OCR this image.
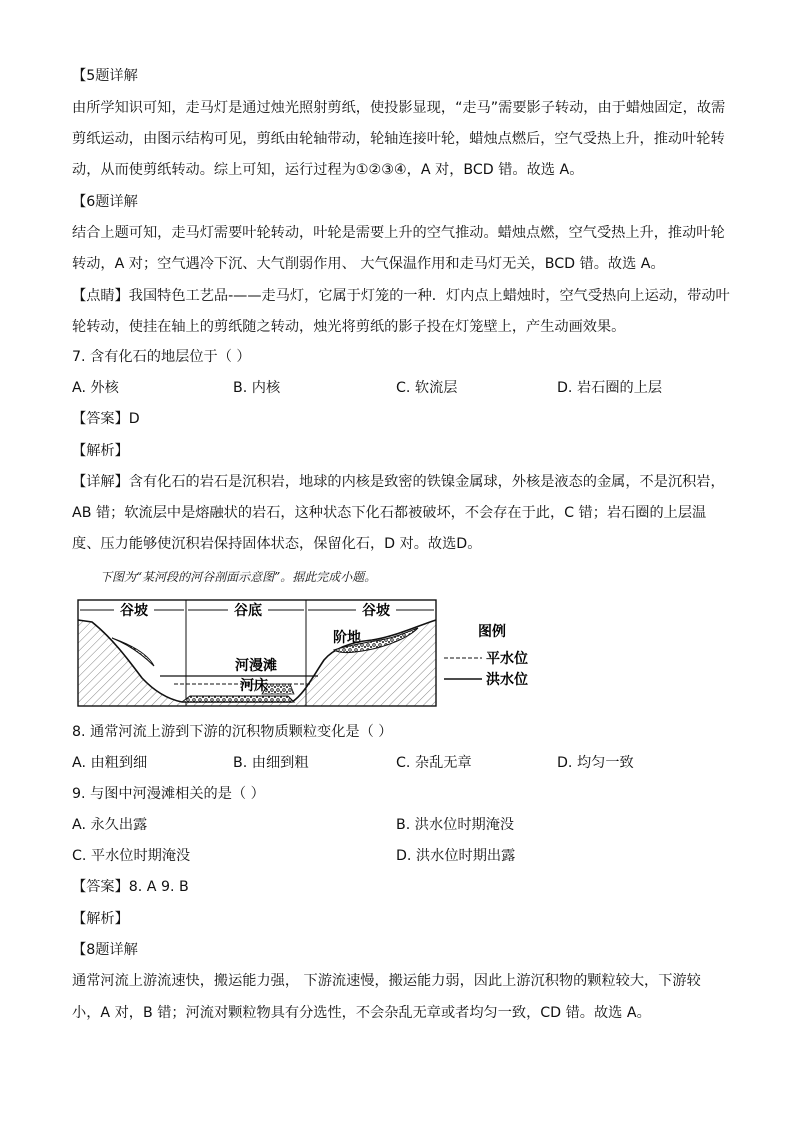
【5题详解
由所学知识可知，走马灯是通过烛光照射剪纸，使投影显现，“走马”需要影子转动，由于蜡烛固定，故需
剪纸运动，由图示结构可见，剪纸由轮轴带动，轮轴连接叶轮，蜡烛点燃后，空气受热上升，推动叶轮转
动，从而使剪纸转动。综上可知，运行过程为①②③④，A 对，BCD 错。故选 A。
【6题详解
结合上题可知，走马灯需要叶轮转动，叶轮是需要上升的空气推动。蜡烛点燃，空气受热上升，推动叶轮
转动，A 对；空气遇冷下沉、大气削弱作用、 大气保温作用和走马灯无关，BCD 错。故选 A。
【点睛】我国特色工艺品-——走马灯，它属于灯笼的一种．灯内点上蜡烛时，空气受热向上运动，带动叶
轮转动，使挂在轴上的剪纸随之转动，烛光将剪纸的影子投在灯笼壁上，产生动画效果。
7. 含有化石的地层位于（ ）
A. 外核	B. 内核	C. 软流层	D. 岩石圈的上层
【答案】D
【解析】
【详解】含有化石的岩石是沉积岩，地球的内核是致密的铁镍金属球，外核是液态的金属，不是沉积岩，
AB 错；软流层中是熔融状的岩石，这种状态下化石都被破坏，不会存在于此，C 错；岩石圈的上层温
度、压力能够使沉积岩保持固体状态，保留化石，D 对。故选D。
下图为“某河段的河谷剖面示意图”。据此完成小题。
谷坡	谷底	谷坡
河漫滩
河床
阶地	图例
平水位
洪水位
8. 通常河流上游到下游的沉积物质颗粒变化是（ ）
A. 由粗到细	B. 由细到粗	C. 杂乱无章	D. 均匀一致
9. 与图中河漫滩相关的是（ ）
A. 永久出露	B. 洪水位时期淹没
C. 平水位时期淹没	D. 洪水位时期出露
【答案】8. A 9. B
【解析】
【8题详解
通常河流上游流速快，搬运能力强， 下游流速慢，搬运能力弱，因此上游沉积物的颗粒较大，下游较
小，A 对，B 错；河流对颗粒物具有分选性，不会杂乱无章或者均匀一致，CD 错。故选 A。
